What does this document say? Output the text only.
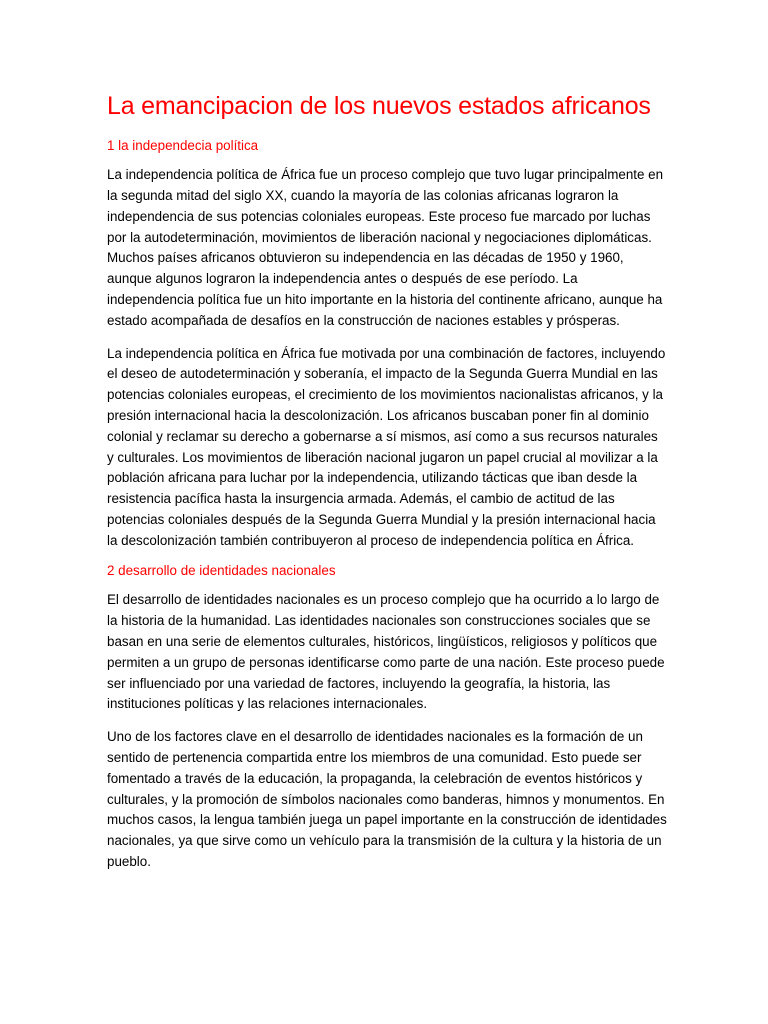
La emancipacion de los nuevos estados africanos
1 la independecia política

La independencia política de África fue un proceso complejo que tuvo lugar principalmente en la segunda mitad del siglo XX, cuando la mayoría de las colonias africanas lograron la independencia de sus potencias coloniales europeas. Este proceso fue marcado por luchas por la autodeterminación, movimientos de liberación nacional y negociaciones diplomáticas. Muchos países africanos obtuvieron su independencia en las décadas de 1950 y 1960, aunque algunos lograron la independencia antes o después de ese período. La independencia política fue un hito importante en la historia del continente africano, aunque ha estado acompañada de desafíos en la construcción de naciones estables y prósperas.

La independencia política en África fue motivada por una combinación de factores, incluyendo el deseo de autodeterminación y soberanía, el impacto de la Segunda Guerra Mundial en las potencias coloniales europeas, el crecimiento de los movimientos nacionalistas africanos, y la presión internacional hacia la descolonización. Los africanos buscaban poner fin al dominio colonial y reclamar su derecho a gobernarse a sí mismos, así como a sus recursos naturales y culturales. Los movimientos de liberación nacional jugaron un papel crucial al movilizar a la población africana para luchar por la independencia, utilizando tácticas que iban desde la resistencia pacífica hasta la insurgencia armada. Además, el cambio de actitud de las potencias coloniales después de la Segunda Guerra Mundial y la presión internacional hacia la descolonización también contribuyeron al proceso de independencia política en África.

2 desarrollo de identidades nacionales

El desarrollo de identidades nacionales es un proceso complejo que ha ocurrido a lo largo de la historia de la humanidad. Las identidades nacionales son construcciones sociales que se basan en una serie de elementos culturales, históricos, lingüísticos, religiosos y políticos que permiten a un grupo de personas identificarse como parte de una nación. Este proceso puede ser influenciado por una variedad de factores, incluyendo la geografía, la historia, las instituciones políticas y las relaciones internacionales.

Uno de los factores clave en el desarrollo de identidades nacionales es la formación de un sentido de pertenencia compartida entre los miembros de una comunidad. Esto puede ser fomentado a través de la educación, la propaganda, la celebración de eventos históricos y culturales, y la promoción de símbolos nacionales como banderas, himnos y monumentos. En muchos casos, la lengua también juega un papel importante en la construcción de identidades nacionales, ya que sirve como un vehículo para la transmisión de la cultura y la historia de un pueblo.
